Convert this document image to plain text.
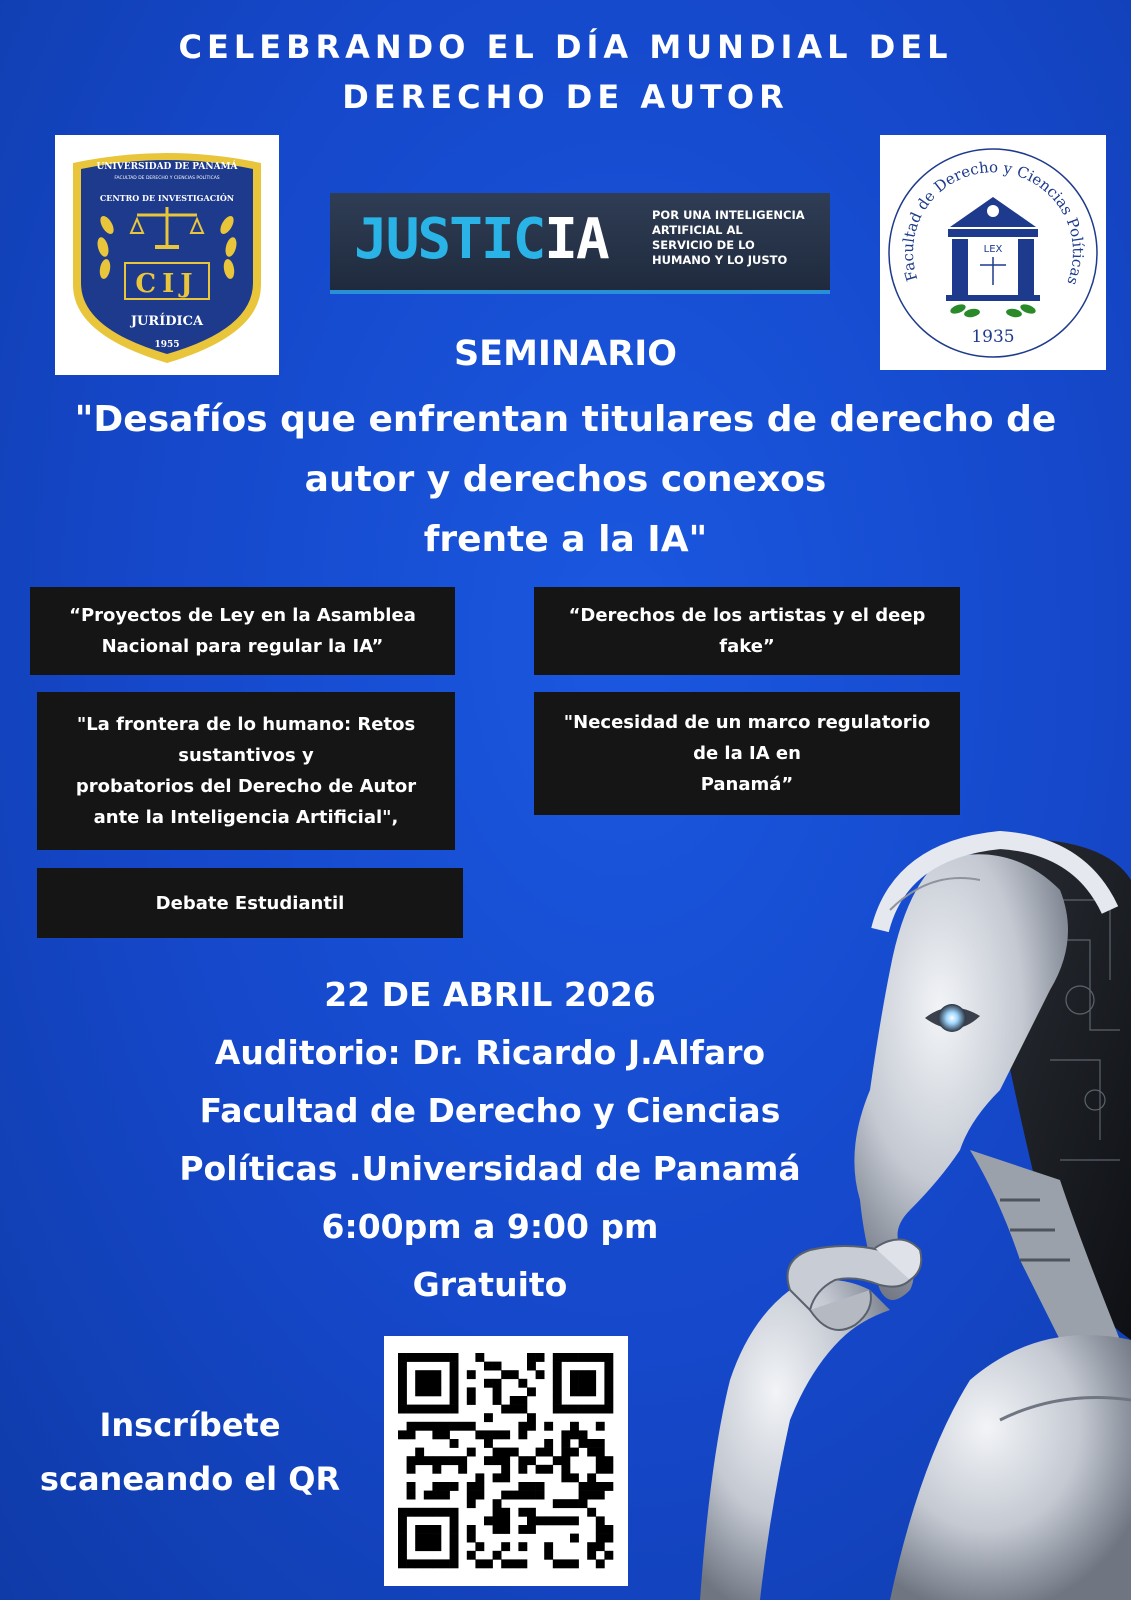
CELEBRANDO EL DÍA MUNDIAL DEL
DERECHO DE AUTOR
UNIVERSIDAD DE PANAMÁ
FACULTAD DE DERECHO Y CIENCIAS POLÍTICAS
CENTRO DE INVESTIGACIÓN
CIJ
JURÍDICA
1955
JUSTICIA	POR UNA INTELIGENCIA
ARTIFICIAL AL
SERVICIO DE LO
HUMANO Y LO JUSTO
Facultad de Derecho y Ciencias Políticas
LEX
1935
SEMINARIO
"Desafíos que enfrentan titulares de derecho de
autor y derechos conexos
frente a la IA"
“Proyectos de Ley en la Asamblea
Nacional para regular la IA”
“Derechos de los artistas y el deep
fake”
"La frontera de lo humano: Retos
sustantivos y
probatorios del Derecho de Autor
ante la Inteligencia Artificial",
"Necesidad de un marco regulatorio
de la IA en
Panamá”
Debate Estudiantil
22 DE ABRIL 2026
Auditorio: Dr. Ricardo J.Alfaro
Facultad de Derecho y Ciencias
Políticas .Universidad de Panamá
6:00pm a 9:00 pm
Gratuito
Inscríbete
scaneando el QR
